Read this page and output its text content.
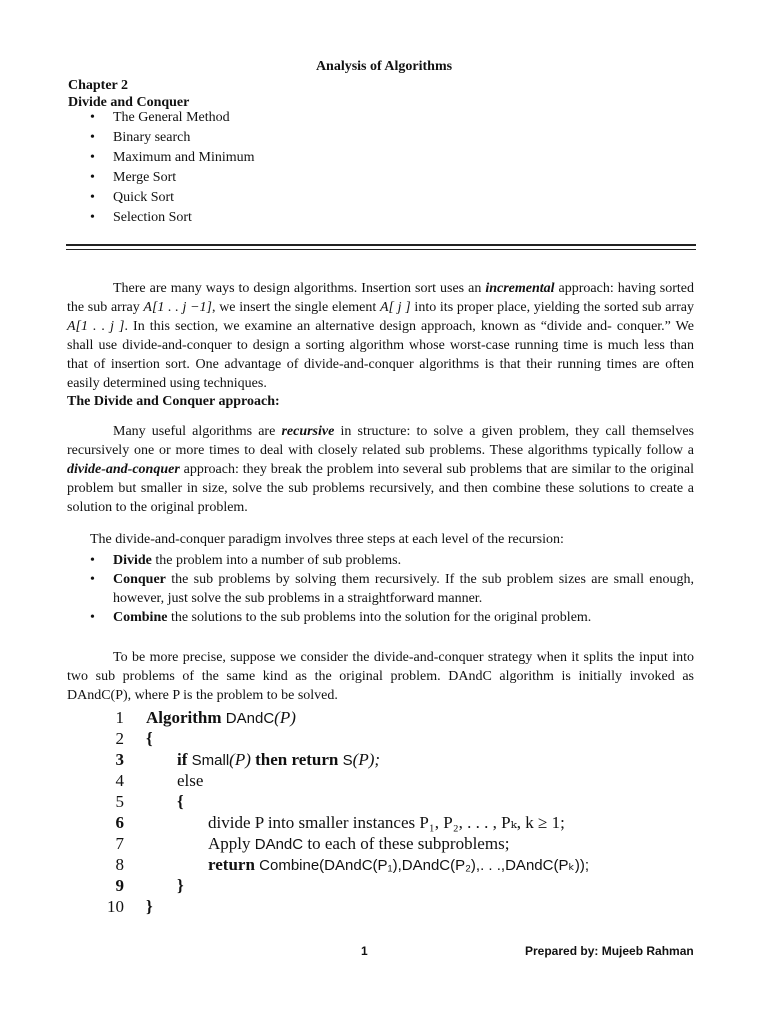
Analysis of Algorithms
Chapter 2
Divide and Conquer
• The General Method
• Binary search
• Maximum and Minimum
• Merge Sort
• Quick Sort
• Selection Sort
There are many ways to design algorithms. Insertion sort uses an incremental approach: having sorted the sub array A[1 . . j −1], we insert the single element A[ j ] into its proper place, yielding the sorted sub array A[1 . . j ]. In this section, we examine an alternative design approach, known as “divide and- conquer.” We shall use divide-and-conquer to design a sorting algorithm whose worst-case running time is much less than that of insertion sort. One advantage of divide-and-conquer algorithms is that their running times are often easily determined using techniques.
The Divide and Conquer approach:
Many useful algorithms are recursive in structure: to solve a given problem, they call themselves recursively one or more times to deal with closely related sub problems. These algorithms typically follow a divide-and-conquer approach: they break the problem into several sub problems that are similar to the original problem but smaller in size, solve the sub problems recursively, and then combine these solutions to create a solution to the original problem.
The divide-and-conquer paradigm involves three steps at each level of the recursion:
• Divide the problem into a number of sub problems.
• Conquer the sub problems by solving them recursively. If the sub problem sizes are small enough, however, just solve the sub problems in a straightforward manner.
• Combine the solutions to the sub problems into the solution for the original problem.
To be more precise, suppose we consider the divide-and-conquer strategy when it splits the input into two sub problems of the same kind as the original problem. DAndC algorithm is initially invoked as DAndC(P), where P is the problem to be solved.
1 Algorithm DAndC(P)
2 {
3	if Small(P) then return S(P);
4	else
5	{
6	divide P into smaller instances P₁, P₂, . . . , Pₖ, k ≥ 1;
7	Apply DAndC to each of these subproblems;
8	return Combine(DAndC(P₁),DAndC(P₂),. . .,DAndC(Pₖ));
9	}
10 }
1	Prepared by: Mujeeb Rahman
